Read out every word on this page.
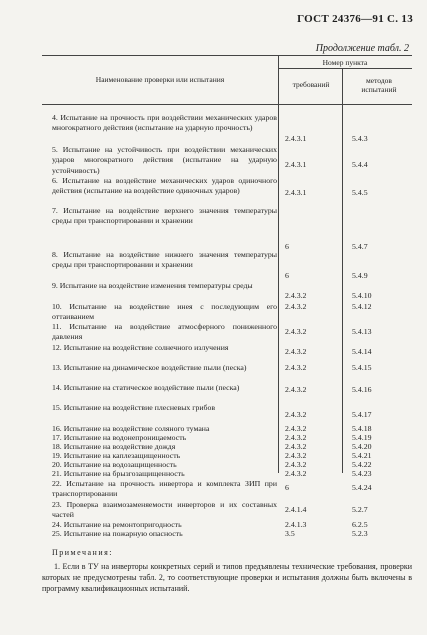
ГОСТ 24376—91 С. 13
Продолжение табл. 2
Наименование проверки или испытания
Номер пункта
требований	методов испытаний
4. Испытание на прочность при воздействии механических ударов многократного действия (испытание на ударную прочность)
2.4.3.1	5.4.3
5. Испытание на устойчивость при воздействии механических ударов многократного действия (испытание на ударную устойчивость)
2.4.3.1	5.4.4
6. Испытание на воздействие механических ударов одиночного действия (испытание на воздействие одиночных ударов)	2.4.3.1	5.4.5
7. Испытание на воздействие верхнего значения температуры среды при транспортировании и хранении
6	5.4.7
8. Испытание на воздействие нижнего значения температуры среды при транспортировании и хранении
6	5.4.9
9. Испытание на воздействие изменения температуры среды
2.4.3.2	5.4.10
10. Испытание на воздействие инея с последующим его оттаиванием
2.4.3.2	5.4.12
11. Испытание на воздействие атмосферного пониженного давления
2.4.3.2	5.4.13
12. Испытание на воздействие солнечного излучения	2.4.3.2	5.4.14
13. Испытание на динамическое воздействие пыли (песка)	2.4.3.2	5.4.15
14. Испытание на статическое воздействие пыли (песка)	2.4.3.2	5.4.16
15. Испытание на воздействие плесневых грибов
2.4.3.2	5.4.17
16. Испытание на воздействие соляного тумана	2.4.3.2	5.4.18
17. Испытание на водонепроницаемость	2.4.3.2	5.4.19
18. Испытание на воздействие дождя	2.4.3.2	5.4.20
19. Испытание на каплезащищенность	2.4.3.2	5.4.21
20. Испытание на водозащищенность	2.4.3.2	5.4.22
21. Испытание на брызгозащищенность	2.4.3.2	5.4.23
22. Испытание на прочность инвертора и комплекта ЗИП при транспортировании
6	5.4.24
23. Проверка взаимозаменяемости инверторов и их составных частей
2.4.1.4	5.2.7
24. Испытание на ремонтопригодность	2.4.1.3	6.2.5
25. Испытание на пожарную опасность	3.5	5.2.3
Примечания:
1. Если в ТУ на инверторы конкретных серий и типов предъявлены технические требования, проверки которых не предусмотрены табл. 2, то соответствующие проверки и испытания должны быть включены в программу квалификационных испытаний.
